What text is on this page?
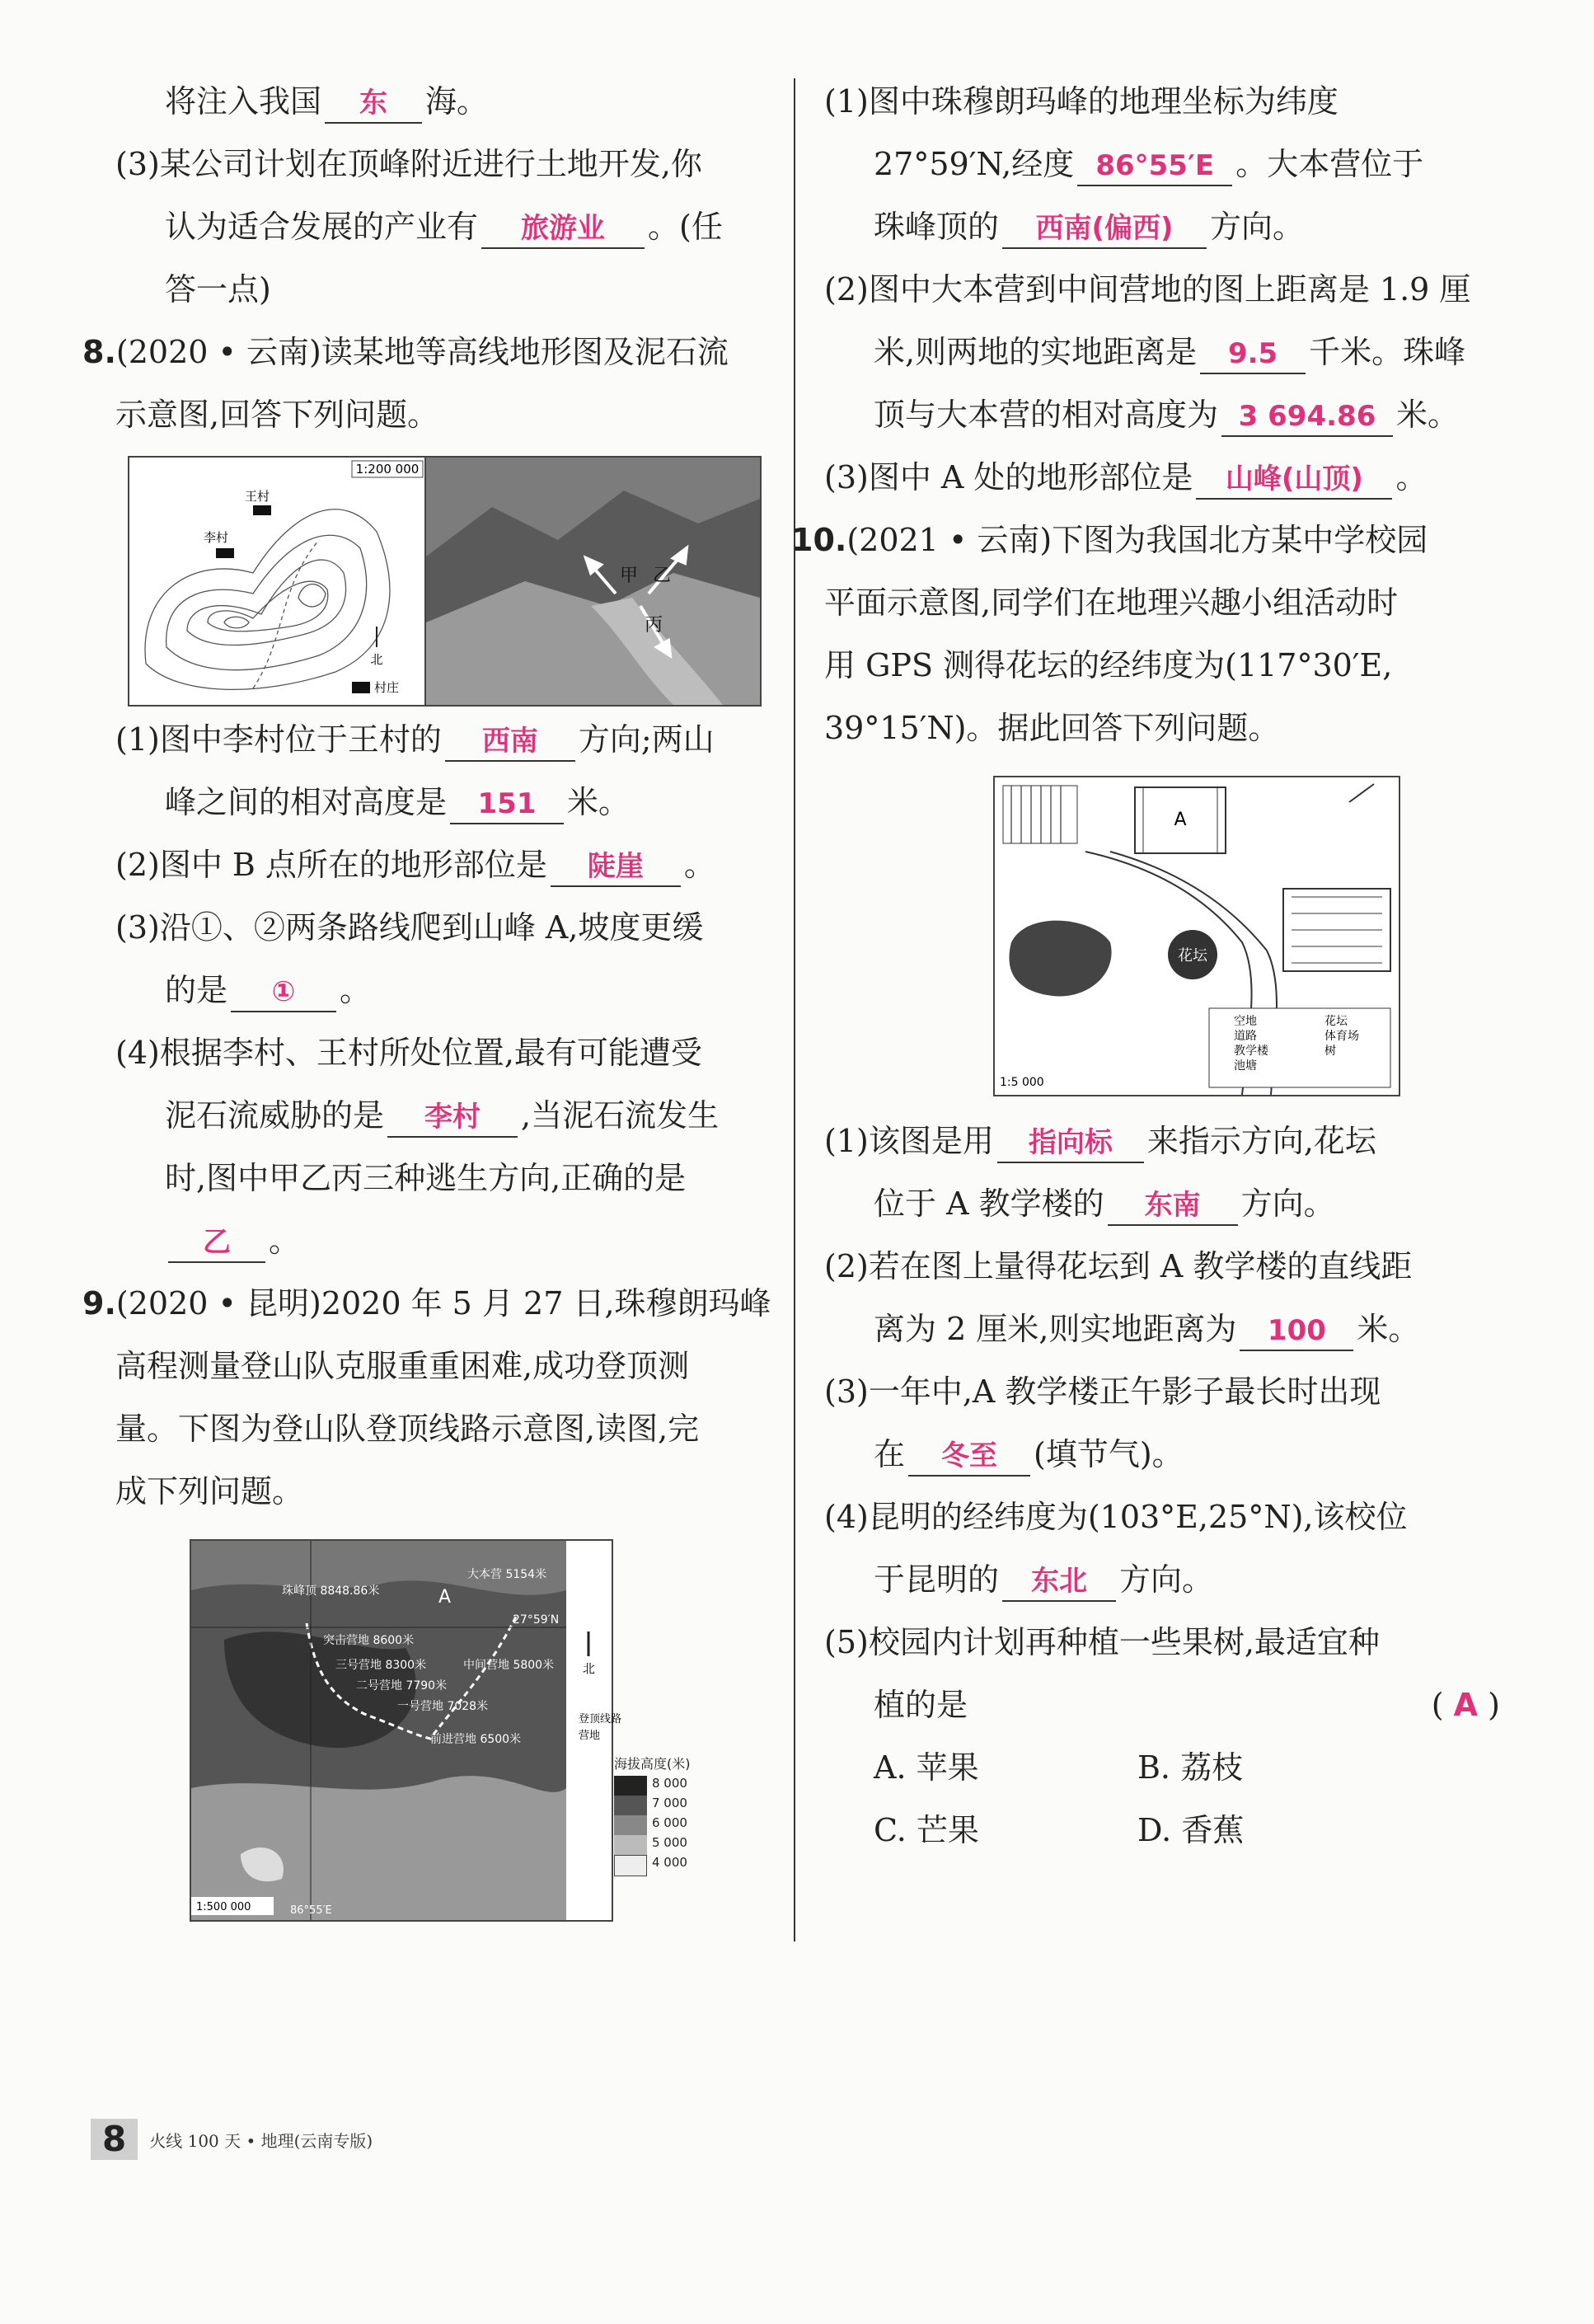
将注入我国 东 海。
(3)某公司计划在顶峰附近进行土地开发,你
认为适合发展的产业有 旅游业 。(任
答一点)
8.(2020 • 云南)读某地等高线地形图及泥石流
示意图,回答下列问题。
1:200 000
王村
李村
北
村庄
甲 乙
丙
(1)图中李村位于王村的 西南 方向;两山
峰之间的相对高度是 151 米。
(2)图中 B 点所在的地形部位是 陡崖 。
(3)沿①、②两条路线爬到山峰 A,坡度更缓
的是 ① 。
(4)根据李村、王村所处位置,最有可能遭受
泥石流威胁的是 李村 ,当泥石流发生
时,图中甲乙丙三种逃生方向,正确的是
乙 。
9.(2020 • 昆明)2020 年 5 月 27 日,珠穆朗玛峰
高程测量登山队克服重重困难,成功登顶测
量。下图为登山队登顶线路示意图,读图,完
成下列问题。
珠峰顶 8848.86米
大本营 5154米
27°59′N
突击营地 8600米
三号营地 8300米
二号营地 7790米
一号营地 7028米
中间营地 5800米
前进营地 6500米
A
1:500 000	86°55′E
北
登顶线路
营地
海拔高度(米)
8 000
7 000
6 000
5 000
4 000
(1)图中珠穆朗玛峰的地理坐标为纬度
27°59′N,经度 86°55′E 。大本营位于
珠峰顶的 西南(偏西) 方向。
(2)图中大本营到中间营地的图上距离是 1.9 厘
米,则两地的实地距离是 9.5 千米。珠峰
顶与大本营的相对高度为 3 694.86 米。
(3)图中 A 处的地形部位是 山峰(山顶) 。
10.(2021 • 云南)下图为我国北方某中学校园
平面示意图,同学们在地理兴趣小组活动时
用 GPS 测得花坛的经纬度为(117°30′E,
39°15′N)。据此回答下列问题。
A
花坛
1:5 000
空地
道路
教学楼
池塘
花坛
体育场
树
(1)该图是用 指向标 来指示方向,花坛
位于 A 教学楼的 东南 方向。
(2)若在图上量得花坛到 A 教学楼的直线距
离为 2 厘米,则实地距离为 100 米。
(3)一年中,A 教学楼正午影子最长时出现
在 冬至 (填节气)。
(4)昆明的经纬度为(103°E,25°N),该校位
于昆明的 东北 方向。
(5)校园内计划再种植一些果树,最适宜种
植的是	( A )
A. 苹果	B. 荔枝
C. 芒果	D. 香蕉
8 火线 100 天 • 地理(云南专版)
